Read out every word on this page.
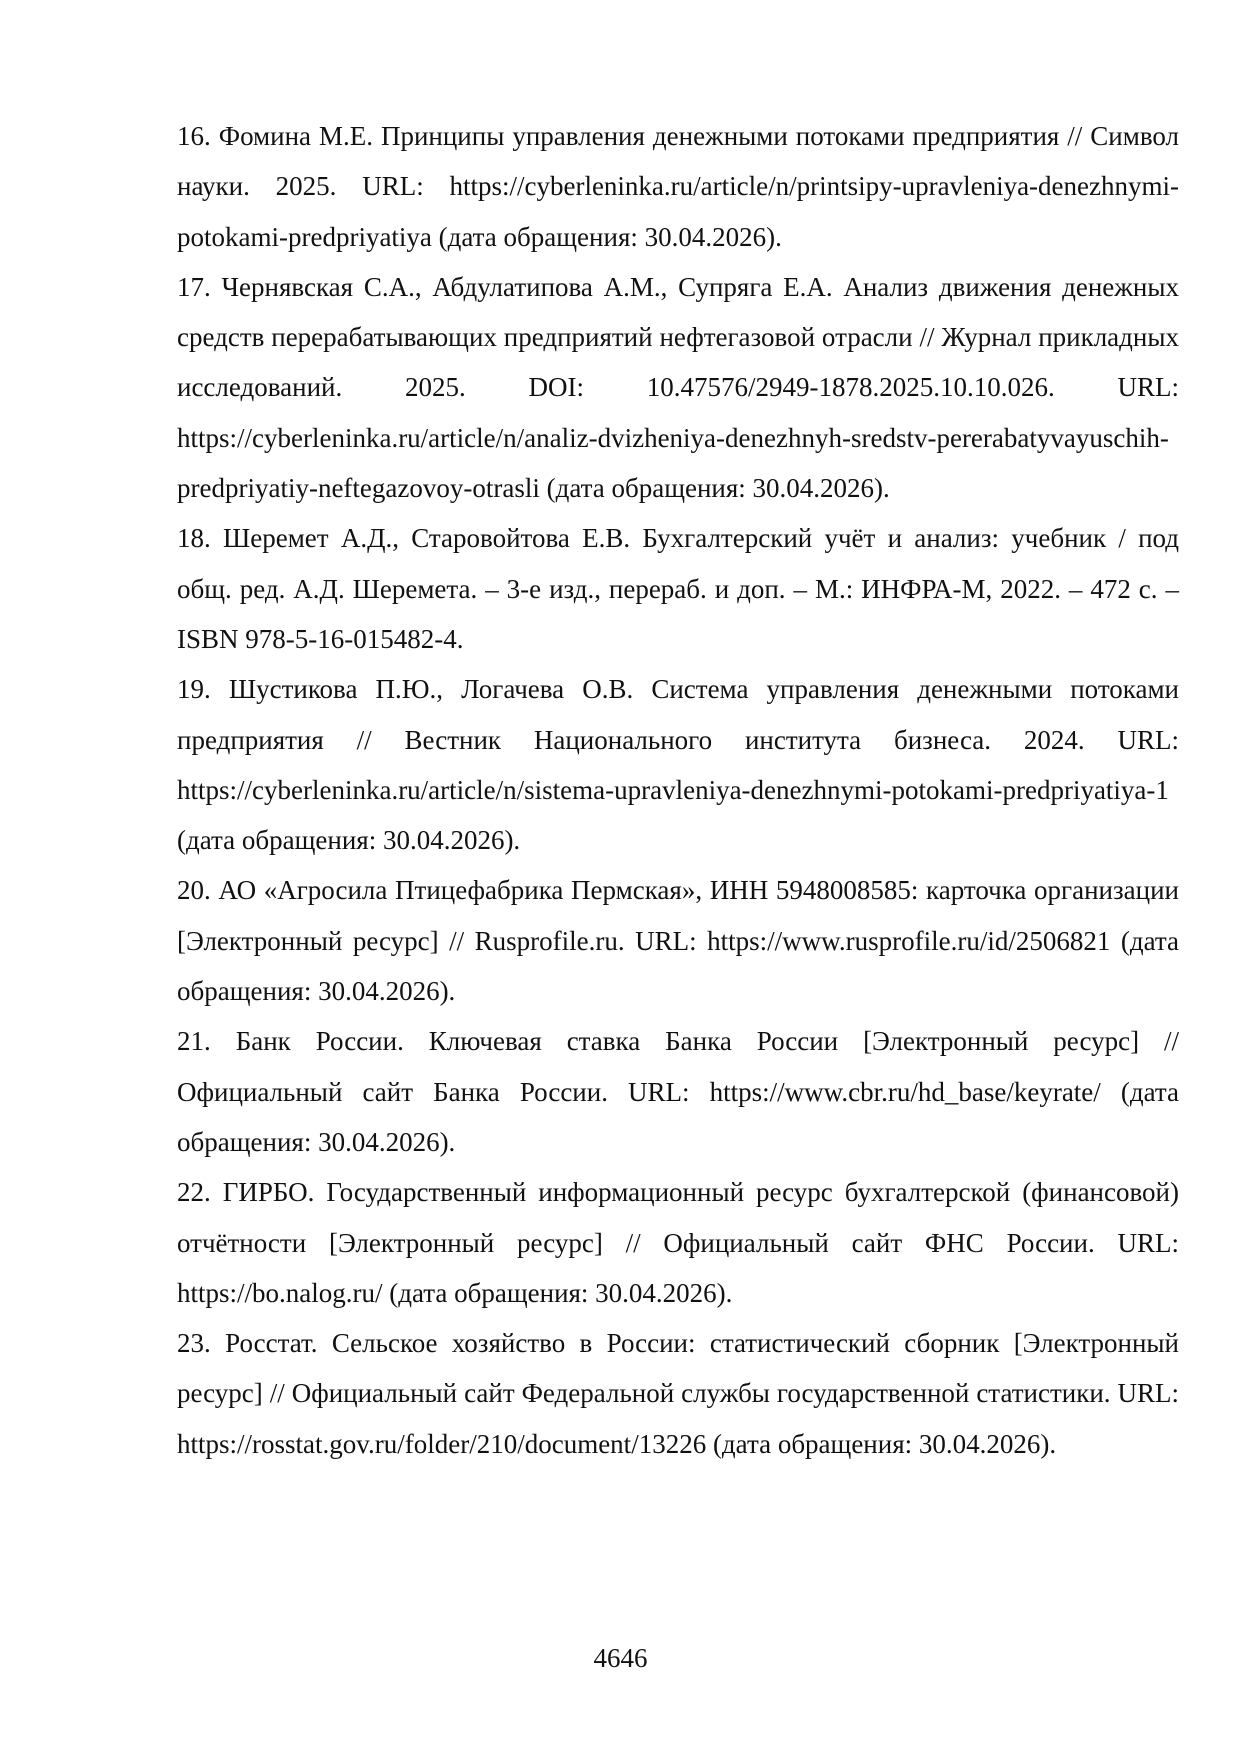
16. Фомина М.Е. Принципы управления денежными потоками предприятия // Символ науки. 2025. URL: https://cyberleninka.ru/article/n/printsipy-upravleniya-denezhnymi-potokami-predpriyatiya (дата обращения: 30.04.2026).
17. Чернявская С.А., Абдулатипова А.М., Супряга Е.А. Анализ движения денежных средств перерабатывающих предприятий нефтегазовой отрасли // Журнал прикладных исследований. 2025. DOI: 10.47576/2949-1878.2025.10.10.026. URL: https://cyberleninka.ru/article/n/analiz-dvizheniya-denezhnyh-sredstv-pererabatyvayuschih-predpriyatiy-neftegazovoy-otrasli (дата обращения: 30.04.2026).
18. Шеремет А.Д., Старовойтова Е.В. Бухгалтерский учёт и анализ: учебник / под общ. ред. А.Д. Шеремета. – 3-е изд., перераб. и доп. – М.: ИНФРА-М, 2022. – 472 с. – ISBN 978-5-16-015482-4.
19. Шустикова П.Ю., Логачева О.В. Система управления денежными потоками предприятия // Вестник Национального института бизнеса. 2024. URL: https://cyberleninka.ru/article/n/sistema-upravleniya-denezhnymi-potokami-predpriyatiya-1 (дата обращения: 30.04.2026).
20. АО «Агросила Птицефабрика Пермская», ИНН 5948008585: карточка организации [Электронный ресурс] // Rusprofile.ru. URL: https://www.rusprofile.ru/id/2506821 (дата обращения: 30.04.2026).
21. Банк России. Ключевая ставка Банка России [Электронный ресурс] // Официальный сайт Банка России. URL: https://www.cbr.ru/hd_base/keyrate/ (дата обращения: 30.04.2026).
22. ГИРБО. Государственный информационный ресурс бухгалтерской (финансовой) отчётности [Электронный ресурс] // Официальный сайт ФНС России. URL: https://bo.nalog.ru/ (дата обращения: 30.04.2026).
23. Росстат. Сельское хозяйство в России: статистический сборник [Электронный ресурс] // Официальный сайт Федеральной службы государственной статистики. URL: https://rosstat.gov.ru/folder/210/document/13226 (дата обращения: 30.04.2026).
4646
